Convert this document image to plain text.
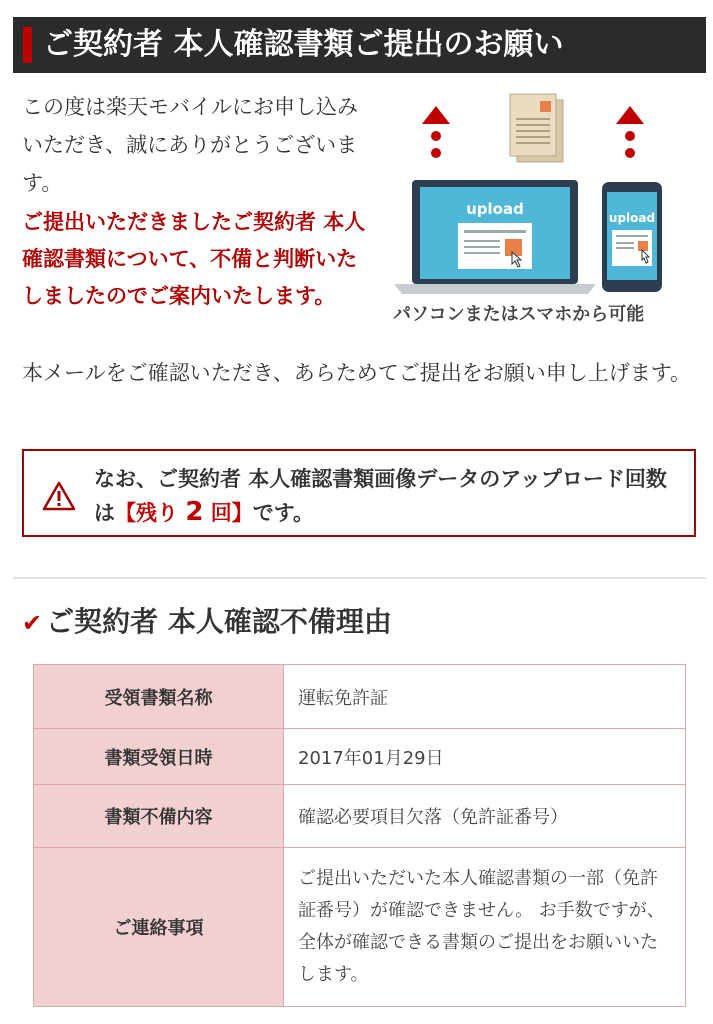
ご契約者 本人確認書類ご提出のお願い
この度は楽天モバイルにお申し込みいただき、誠にありがとうございます。
ご提出いただきましたご契約者 本人確認書類について、不備と判断いたしましたのでご案内いたします。
upload	upload
パソコンまたはスマホから可能
本メールをご確認いただき、あらためてご提出をお願い申し上げます。
なお、ご契約者 本人確認書類画像データのアップロード回数は【残り 2 回】です。
✔ ご契約者 本人確認不備理由
受領書類名称	運転免許証
書類受領日時	2017年01月29日
書類不備内容	確認必要項目欠落（免許証番号）
ご連絡事項	ご提出いただいた本人確認書類の一部（免許証番号）が確認できません。 お手数ですが、全体が確認できる書類のご提出をお願いいたします。
